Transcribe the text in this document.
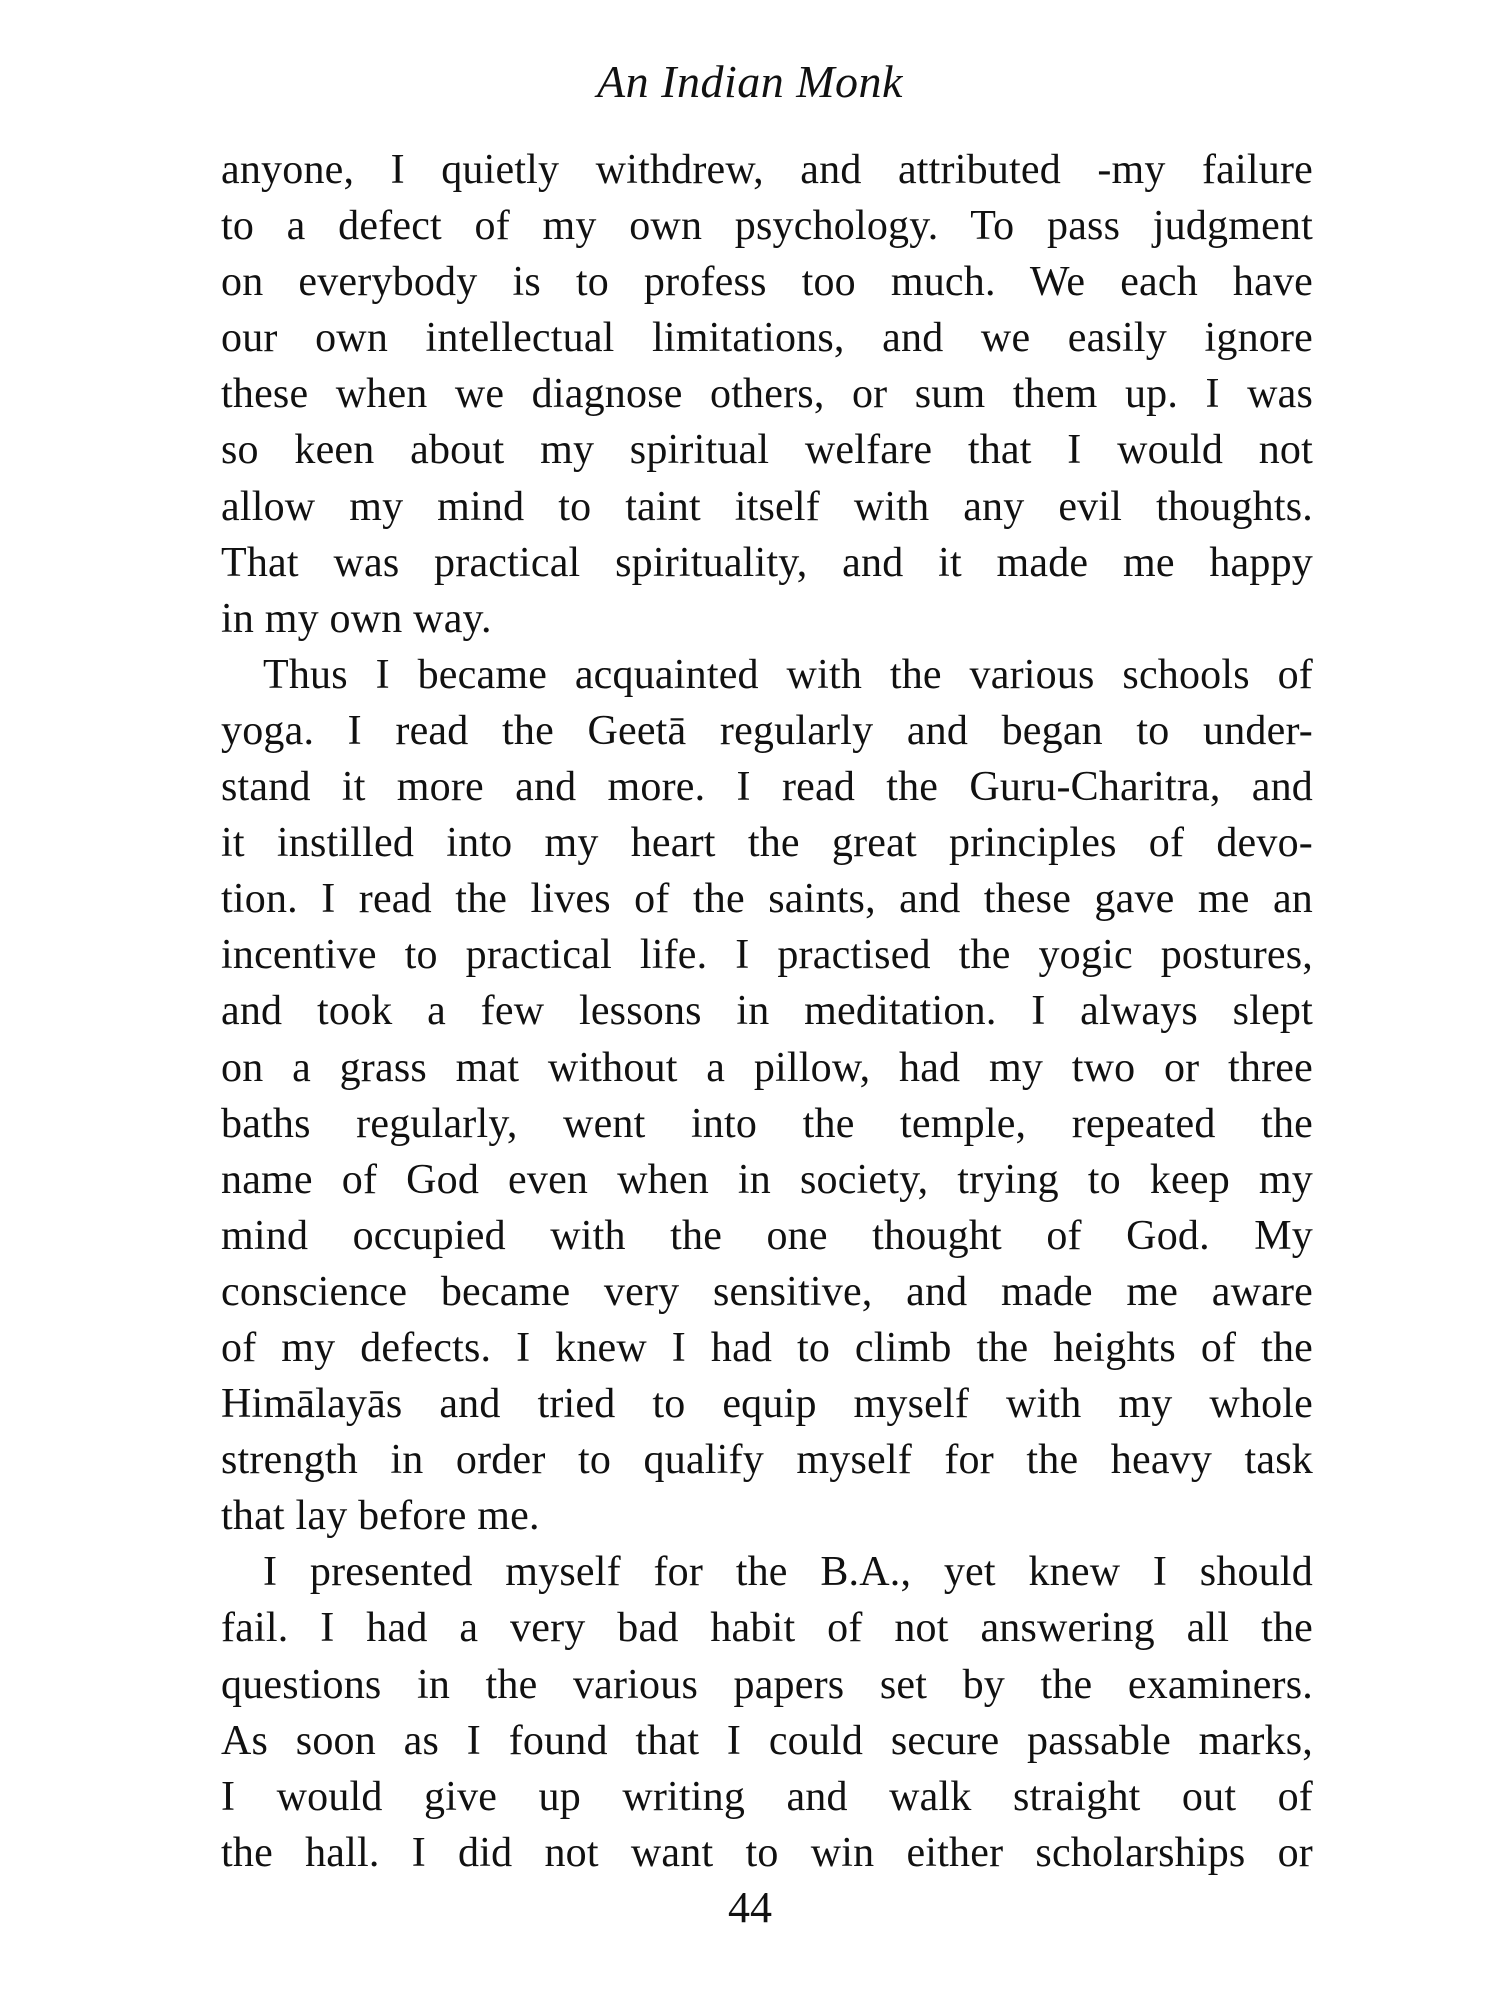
An Indian Monk
anyone, I quietly withdrew, and attributed -my failure
to a defect of my own psychology. To pass judgment
on everybody is to profess too much. We each have
our own intellectual limitations, and we easily ignore
these when we diagnose others, or sum them up. I was
so keen about my spiritual welfare that I would not
allow my mind to taint itself with any evil thoughts.
That was practical spirituality, and it made me happy
in my own way.
Thus I became acquainted with the various schools of
yoga. I read the Geetā regularly and began to under-
stand it more and more. I read the Guru-Charitra, and
it instilled into my heart the great principles of devo-
tion. I read the lives of the saints, and these gave me an
incentive to practical life. I practised the yogic postures,
and took a few lessons in meditation. I always slept
on a grass mat without a pillow, had my two or three
baths regularly, went into the temple, repeated the
name of God even when in society, trying to keep my
mind occupied with the one thought of God. My
conscience became very sensitive, and made me aware
of my defects. I knew I had to climb the heights of the
Himālayās and tried to equip myself with my whole
strength in order to qualify myself for the heavy task
that lay before me.
I presented myself for the B.A., yet knew I should
fail. I had a very bad habit of not answering all the
questions in the various papers set by the examiners.
As soon as I found that I could secure passable marks,
I would give up writing and walk straight out of
the hall. I did not want to win either scholarships or
44
